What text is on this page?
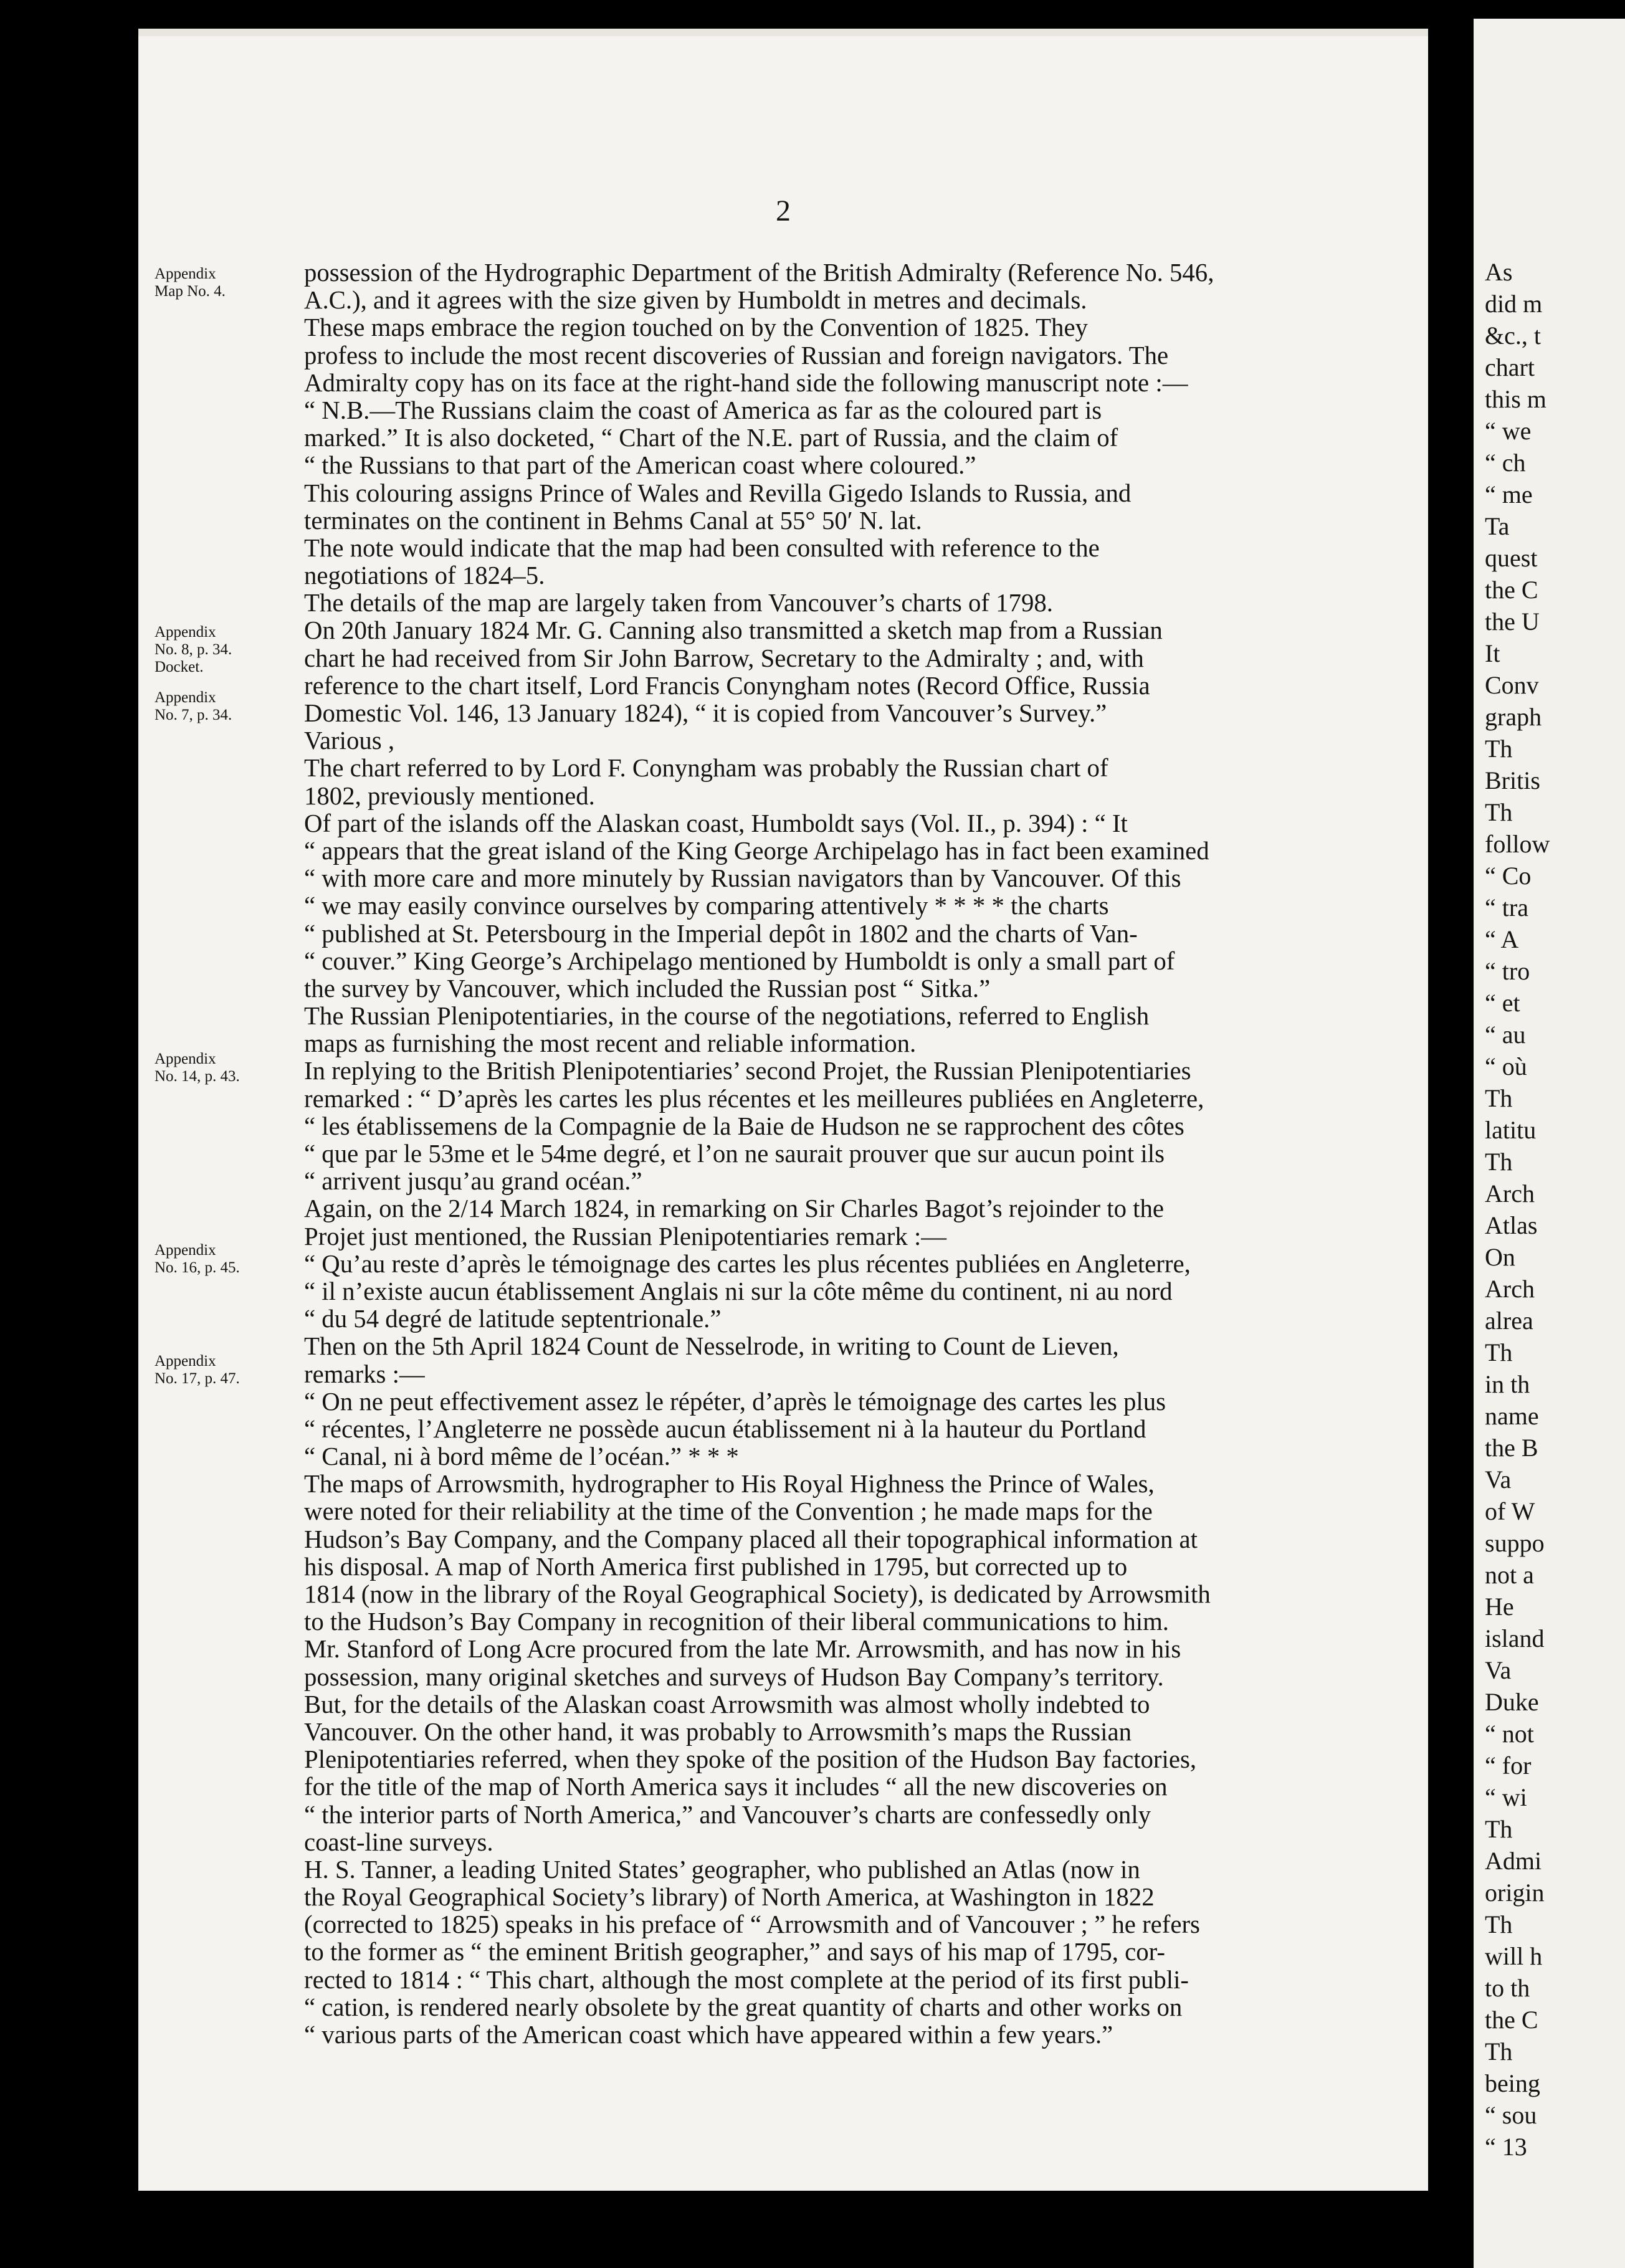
2
Appendix
Map No. 4.
Appendix
No. 8, p. 34.
Docket.
Appendix
No. 7, p. 34.
Appendix
No. 14, p. 43.
Appendix
No. 16, p. 45.
Appendix
No. 17, p. 47.
possession of the Hydrographic Department of the British Admiralty (Reference No. 546,
A.C.), and it agrees with the size given by Humboldt in metres and decimals.
These maps embrace the region touched on by the Convention of 1825. They
profess to include the most recent discoveries of Russian and foreign navigators. The
Admiralty copy has on its face at the right-hand side the following manuscript note :—
“ N.B.—The Russians claim the coast of America as far as the coloured part is
marked.” It is also docketed, “ Chart of the N.E. part of Russia, and the claim of
“ the Russians to that part of the American coast where coloured.”
This colouring assigns Prince of Wales and Revilla Gigedo Islands to Russia, and
terminates on the continent in Behms Canal at 55° 50′ N. lat.
The note would indicate that the map had been consulted with reference to the
negotiations of 1824–5.
The details of the map are largely taken from Vancouver’s charts of 1798.
On 20th January 1824 Mr. G. Canning also transmitted a sketch map from a Russian
chart he had received from Sir John Barrow, Secretary to the Admiralty ; and, with
reference to the chart itself, Lord Francis Conyngham notes (Record Office, Russia
Domestic Vol. 146, 13 January 1824), “ it is copied from Vancouver’s Survey.”
Various ,
The chart referred to by Lord F. Conyngham was probably the Russian chart of
1802, previously mentioned.
Of part of the islands off the Alaskan coast, Humboldt says (Vol. II., p. 394) : “ It
“ appears that the great island of the King George Archipelago has in fact been examined
“ with more care and more minutely by Russian navigators than by Vancouver. Of this
“ we may easily convince ourselves by comparing attentively * * * * the charts
“ published at St. Petersbourg in the Imperial depôt in 1802 and the charts of Van-
“ couver.” King George’s Archipelago mentioned by Humboldt is only a small part of
the survey by Vancouver, which included the Russian post “ Sitka.”
The Russian Plenipotentiaries, in the course of the negotiations, referred to English
maps as furnishing the most recent and reliable information.
In replying to the British Plenipotentiaries’ second Projet, the Russian Plenipotentiaries
remarked : “ D’après les cartes les plus récentes et les meilleures publiées en Angleterre,
“ les établissemens de la Compagnie de la Baie de Hudson ne se rapprochent des côtes
“ que par le 53me et le 54me degré, et l’on ne saurait prouver que sur aucun point ils
“ arrivent jusqu’au grand océan.”
Again, on the 2/14 March 1824, in remarking on Sir Charles Bagot’s rejoinder to the
Projet just mentioned, the Russian Plenipotentiaries remark :—
“ Qu’au reste d’après le témoignage des cartes les plus récentes publiées en Angleterre,
“ il n’existe aucun établissement Anglais ni sur la côte même du continent, ni au nord
“ du 54 degré de latitude septentrionale.”
Then on the 5th April 1824 Count de Nesselrode, in writing to Count de Lieven,
remarks :—
“ On ne peut effectivement assez le répéter, d’après le témoignage des cartes les plus
“ récentes, l’Angleterre ne possède aucun établissement ni à la hauteur du Portland
“ Canal, ni à bord même de l’océan.” * * *
The maps of Arrowsmith, hydrographer to His Royal Highness the Prince of Wales,
were noted for their reliability at the time of the Convention ; he made maps for the
Hudson’s Bay Company, and the Company placed all their topographical information at
his disposal. A map of North America first published in 1795, but corrected up to
1814 (now in the library of the Royal Geographical Society), is dedicated by Arrowsmith
to the Hudson’s Bay Company in recognition of their liberal communications to him.
Mr. Stanford of Long Acre procured from the late Mr. Arrowsmith, and has now in his
possession, many original sketches and surveys of Hudson Bay Company’s territory.
But, for the details of the Alaskan coast Arrowsmith was almost wholly indebted to
Vancouver. On the other hand, it was probably to Arrowsmith’s maps the Russian
Plenipotentiaries referred, when they spoke of the position of the Hudson Bay factories,
for the title of the map of North America says it includes “ all the new discoveries on
“ the interior parts of North America,” and Vancouver’s charts are confessedly only
coast-line surveys.
H. S. Tanner, a leading United States’ geographer, who published an Atlas (now in
the Royal Geographical Society’s library) of North America, at Washington in 1822
(corrected to 1825) speaks in his preface of “ Arrowsmith and of Vancouver ; ” he refers
to the former as “ the eminent British geographer,” and says of his map of 1795, cor-
rected to 1814 : “ This chart, although the most complete at the period of its first publi-
“ cation, is rendered nearly obsolete by the great quantity of charts and other works on
“ various parts of the American coast which have appeared within a few years.”
As
did m
&c., t
chart
this m
“ we
“ ch
“ me
Ta
quest
the C
the U
It
Conv
graph
Th
Britis
Th
follow
“ Co
“ tra
“ A
“ tro
“ et
“ au
“ où
Th
latitu
Th
Arch
Atlas
On
Arch
alrea
Th
in th
name
the B
Va
of W
suppo
not a
He
island
Va
Duke
“ not
“ for
“ wi
Th
Admi
origin
Th
will h
to th
the C
Th
being
“ sou
“ 13
